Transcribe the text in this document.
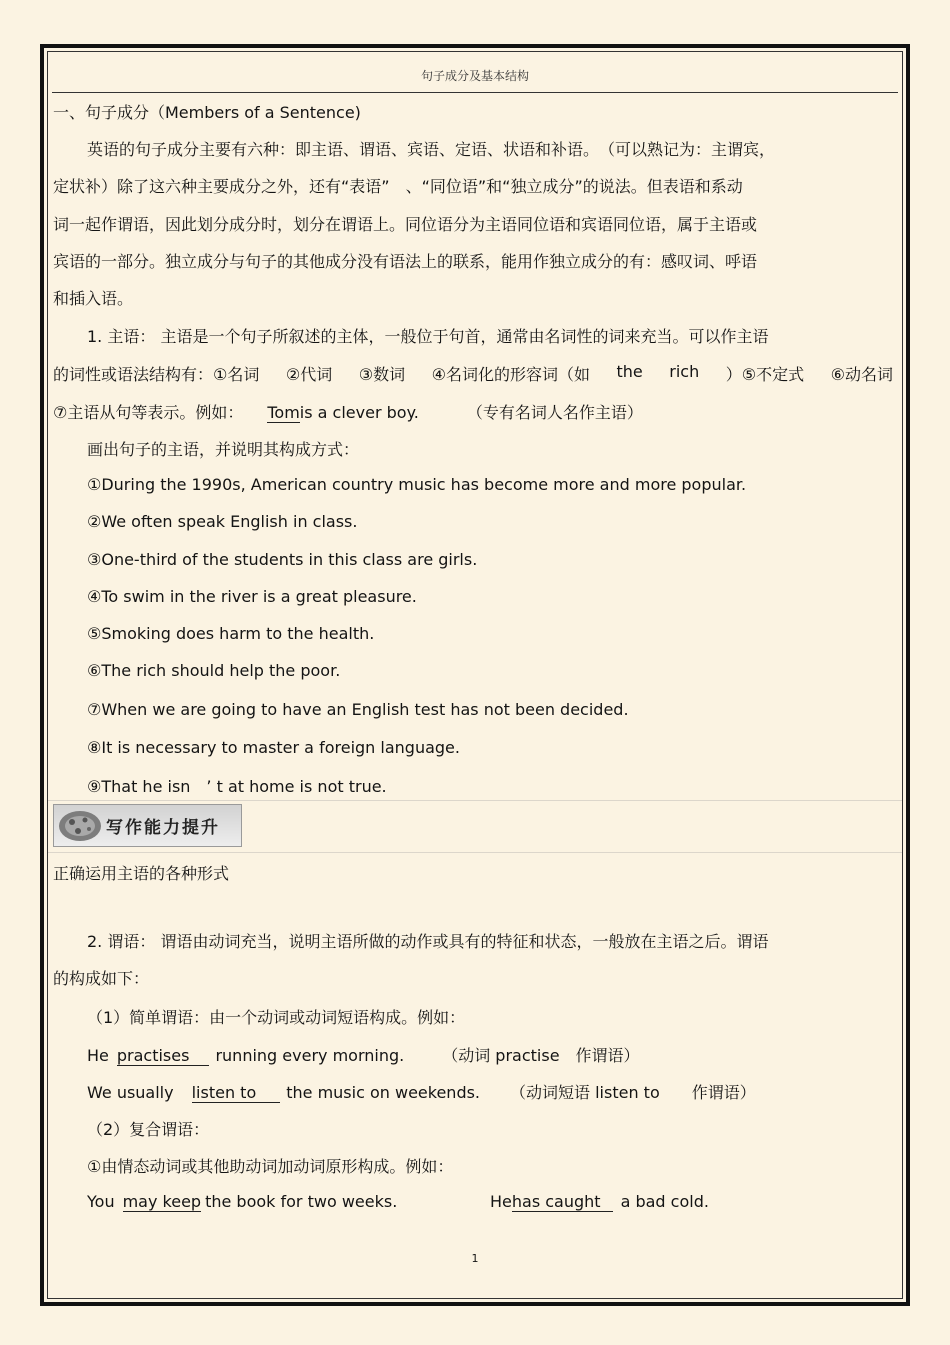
句子成分及基本结构
一、句子成分（Members of a Sentence)
英语的句子成分主要有六种：即主语、谓语、宾语、定语、状语和补语。　（可以熟记为：主谓宾，
定状补）除了这六种主要成分之外，还有“表语”　、“同位语”和“独立成分”的说法。但表语和系动
词一起作谓语，因此划分成分时，划分在谓语上。同位语分为主语同位语和宾语同位语，属于主语或
宾语的一部分。独立成分与句子的其他成分没有语法上的联系，能用作独立成分的有：感叹词、呼语
和插入语。
1. 主语： 主语是一个句子所叙述的主体，一般位于句首，通常由名词性的词来充当。可以作主语
的词性或语法结构有：①名词 ②代词 ③数词 ④名词化的形容词（如 the rich ）⑤不定式 ⑥动名词
⑦主语从句等表示。例如： Tomis a clever boy.	（专有名词人名作主语）
画出句子的主语，并说明其构成方式：
①During the 1990s, American country music has become more and more popular.
②We often speak English in class.
③One-third of the students in this class are girls.
④To swim in the river is a great pleasure.
⑤Smoking does harm to the health.
⑥The rich should help the poor.
⑦When we are going to have an English test has not been decided.
⑧It is necessary to master a foreign language.
⑨That he isn　’ t at home is not true.
写作能力提升
正确运用主语的各种形式
2. 谓语： 谓语由动词充当，说明主语所做的动作或具有的特征和状态，一般放在主语之后。谓语
的构成如下：
（1）简单谓语：由一个动词或动词短语构成。例如：
He practises running every morning. （动词 practise　作谓语）
We usually listen to the music on weekends. （动词短语 listen to　　作谓语）
（2）复合谓语：
①由情态动词或其他助动词加动词原形构成。例如：
You may keep the book for two weeks.	Hehas caught a bad cold.
1
